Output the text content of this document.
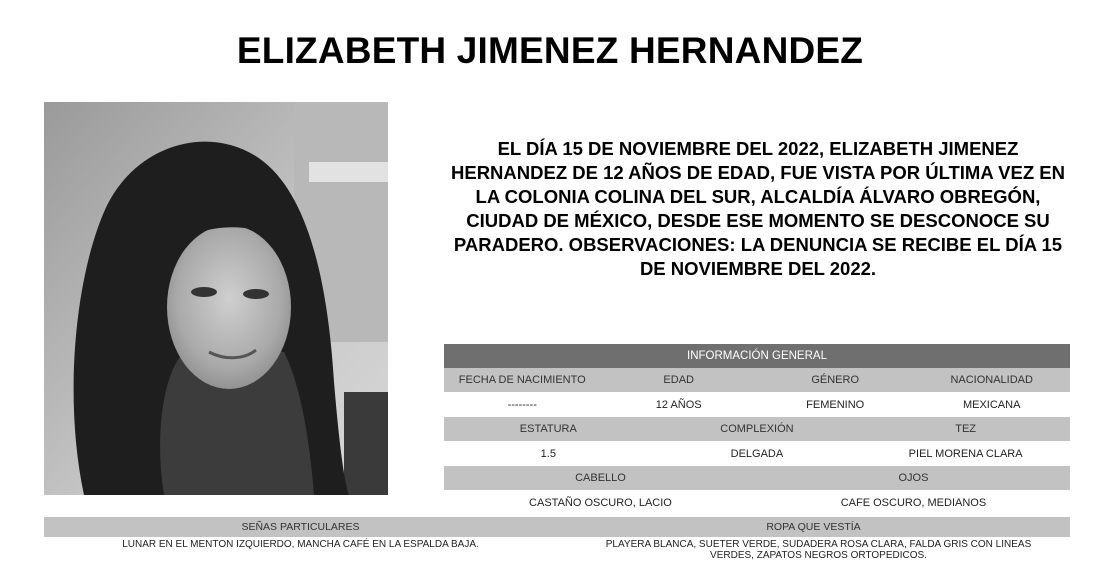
ELIZABETH JIMENEZ HERNANDEZ
EL DÍA 15 DE NOVIEMBRE DEL 2022, ELIZABETH JIMENEZ HERNANDEZ DE 12 AÑOS DE EDAD, FUE VISTA POR ÚLTIMA VEZ EN LA COLONIA COLINA DEL SUR, ALCALDÍA ÁLVARO OBREGÓN, CIUDAD DE MÉXICO, DESDE ESE MOMENTO SE DESCONOCE SU PARADERO. OBSERVACIONES: LA DENUNCIA SE RECIBE EL DÍA 15 DE NOVIEMBRE DEL 2022.
INFORMACIÓN GENERAL					
FECHA DE NACIMIENTO	EDAD		GÉNERO		NACIONALIDAD
--------	12 AÑOS		FEMENINO		MEXICANA
ESTATURA		COMPLEXIÓN		TEZ	
1.5		DELGADA		PIEL MORENA CLARA	
CABELLO			OJOS		
CASTAÑO OSCURO, LACIO			CAFE OSCURO, MEDIANOS		
SEÑAS PARTICULARES	ROPA QUE VESTÍA
LUNAR EN EL MENTON IZQUIERDO, MANCHA CAFÉ EN LA ESPALDA BAJA.	PLAYERA BLANCA, SUETER VERDE, SUDADERA ROSA CLARA, FALDA GRIS CON LINEAS VERDES, ZAPATOS NEGROS ORTOPEDICOS.
